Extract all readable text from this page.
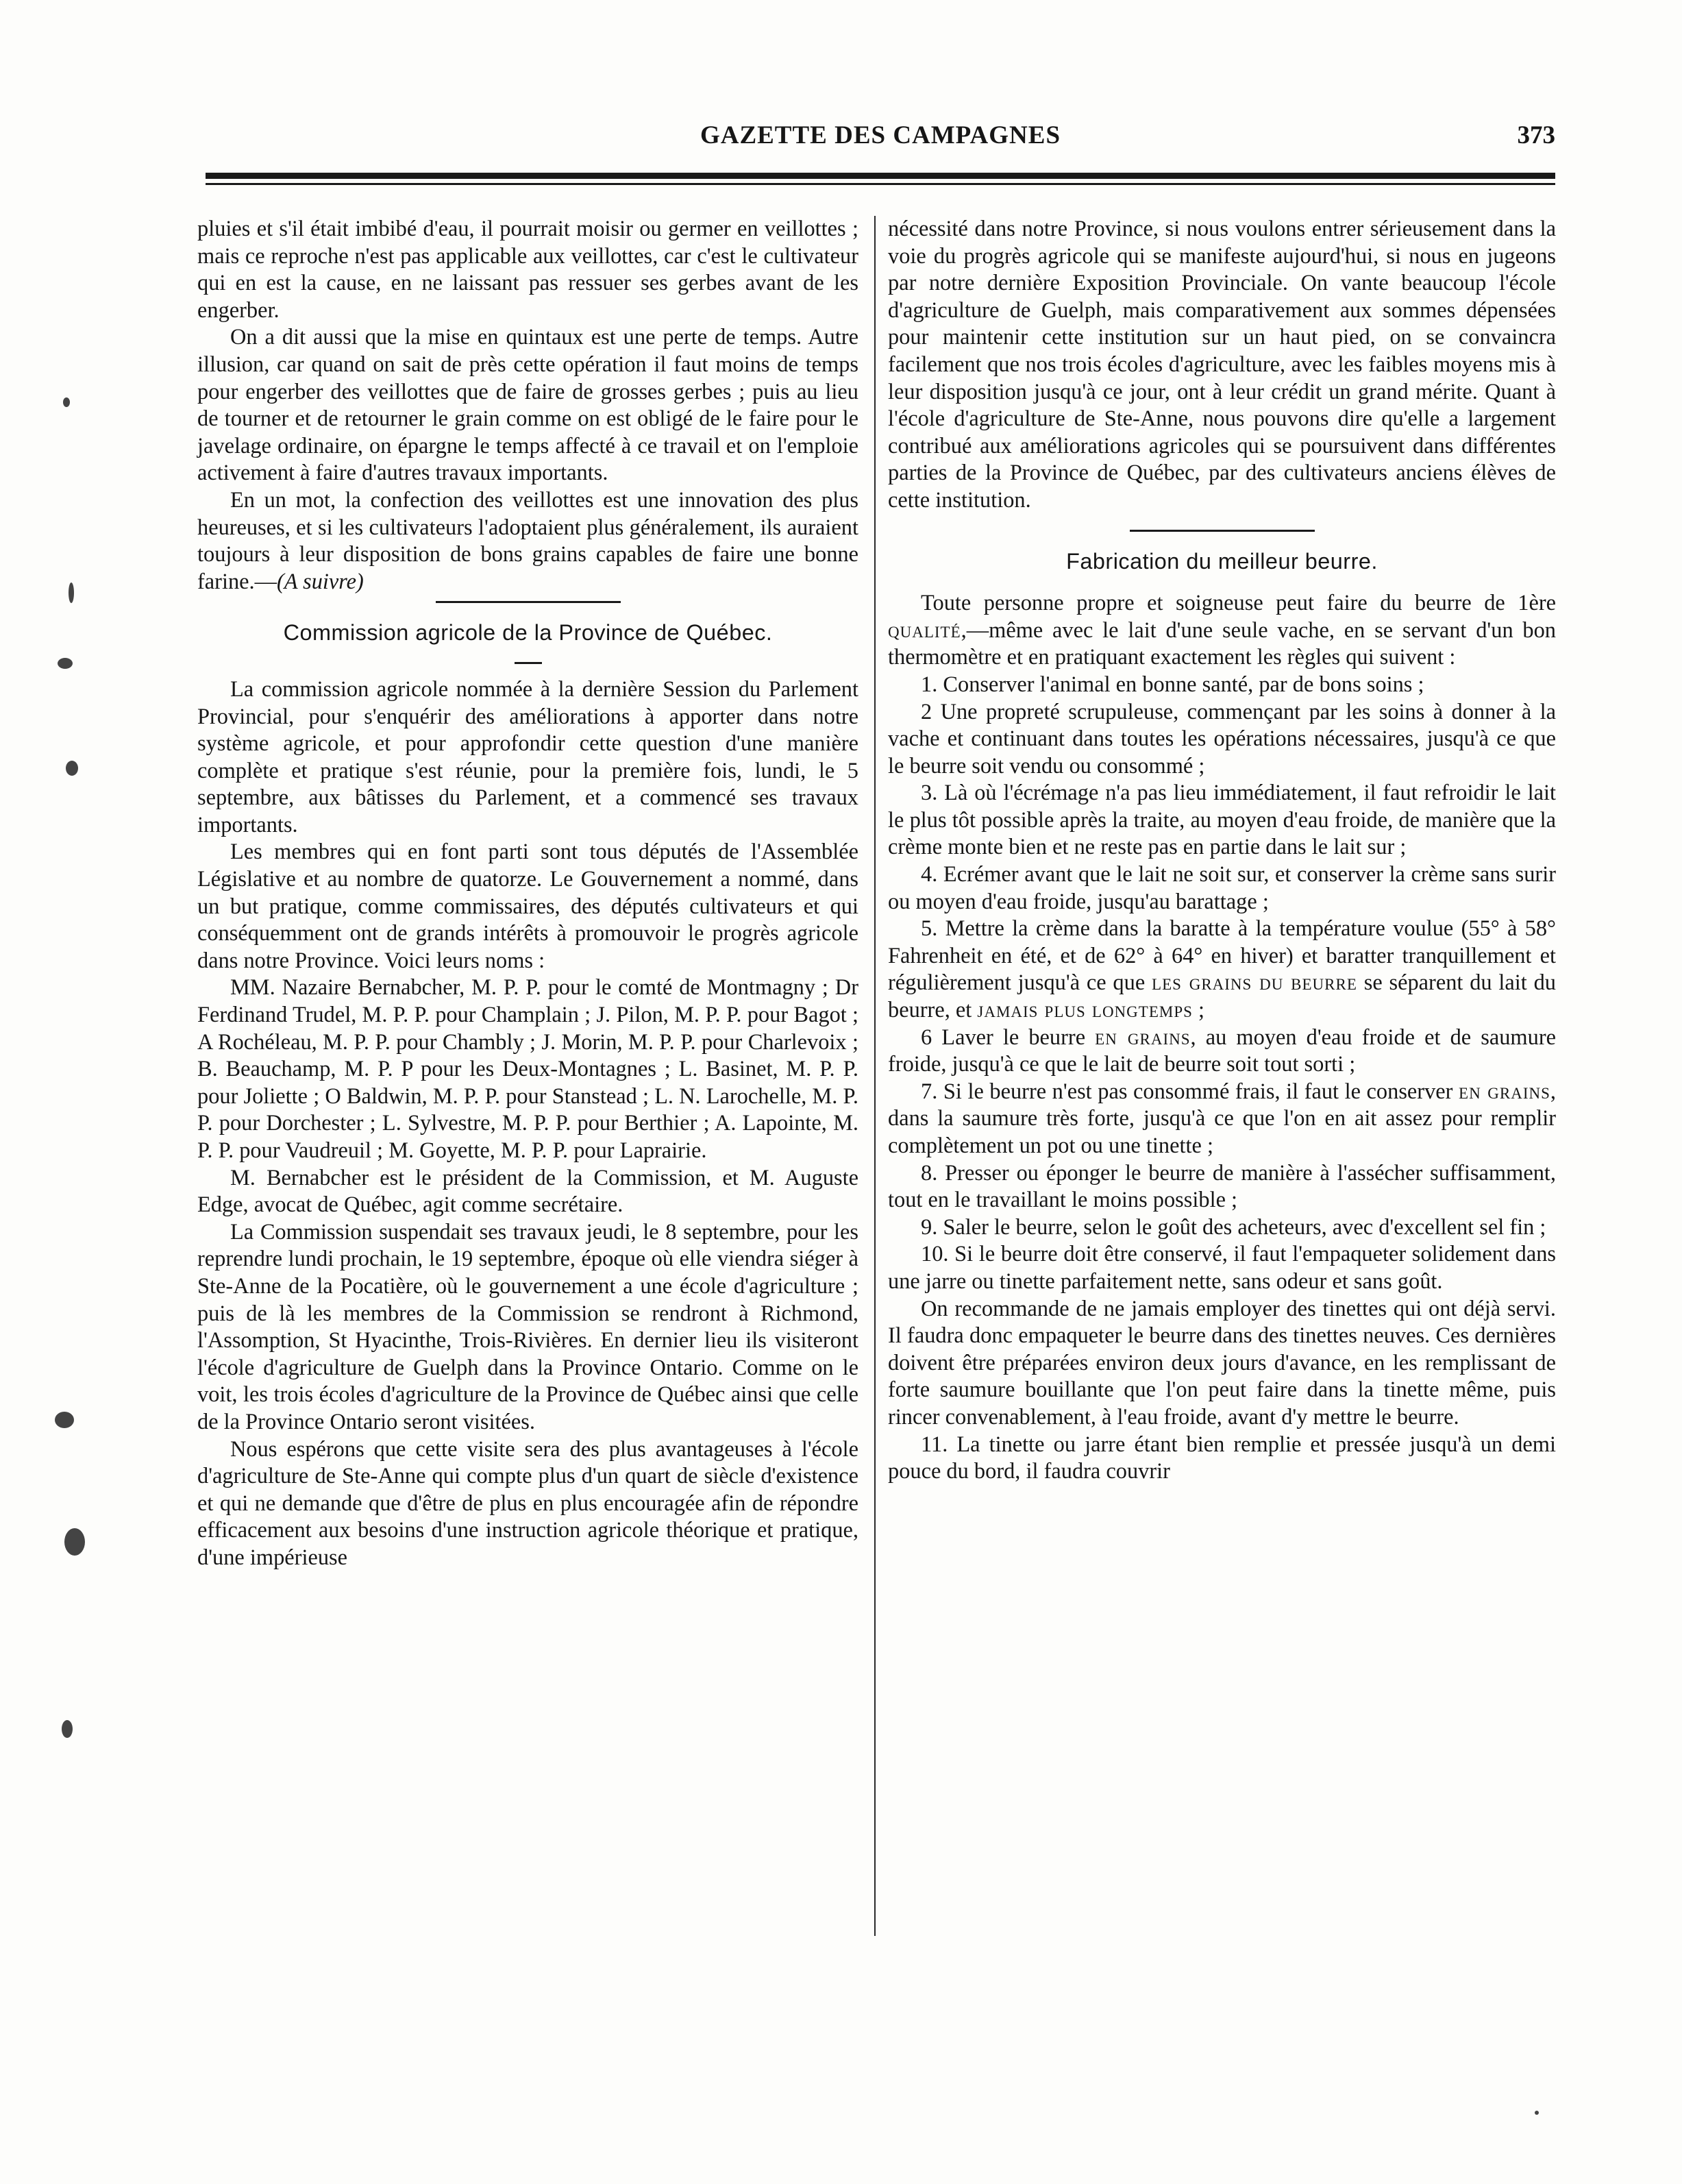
GAZETTE DES CAMPAGNES	373

pluies et s'il était imbibé d'eau, il pourrait moisir ou germer en veillottes ; mais ce reproche n'est pas applicable aux veillottes, car c'est le cultivateur qui en est la cause, en ne laissant pas ressuer ses gerbes avant de les engerber.

On a dit aussi que la mise en quintaux est une perte de temps. Autre illusion, car quand on sait de près cette opération il faut moins de temps pour engerber des veillottes que de faire de grosses gerbes ; puis au lieu de tourner et de retourner le grain comme on est obligé de le faire pour le javelage ordinaire, on épargne le temps affecté à ce travail et on l'emploie activement à faire d'autres travaux importants.

En un mot, la confection des veillottes est une innovation des plus heureuses, et si les cultivateurs l'adoptaient plus généralement, ils auraient toujours à leur disposition de bons grains capables de faire une bonne farine.—(A suivre)

Commission agricole de la Province de Québec.

La commission agricole nommée à la dernière Session du Parlement Provincial, pour s'enquérir des améliorations à apporter dans notre système agricole, et pour approfondir cette question d'une manière complète et pratique s'est réunie, pour la première fois, lundi, le 5 septembre, aux bâtisses du Parlement, et a commencé ses travaux importants.

Les membres qui en font parti sont tous députés de l'Assemblée Législative et au nombre de quatorze. Le Gouvernement a nommé, dans un but pratique, comme commissaires, des députés cultivateurs et qui conséquemment ont de grands intérêts à promouvoir le progrès agricole dans notre Province. Voici leurs noms :

MM. Nazaire Bernabcher, M. P. P. pour le comté de Montmagny ; Dr Ferdinand Trudel, M. P. P. pour Champlain ; J. Pilon, M. P. P. pour Bagot ; A Rochéleau, M. P. P. pour Chambly ; J. Morin, M. P. P. pour Charlevoix ; B. Beauchamp, M. P. P pour les Deux-Montagnes ; L. Basinet, M. P. P. pour Joliette ; O Baldwin, M. P. P. pour Stanstead ; L. N. Larochelle, M. P. P. pour Dorchester ; L. Sylvestre, M. P. P. pour Berthier ; A. Lapointe, M. P. P. pour Vaudreuil ; M. Goyette, M. P. P. pour Laprairie.

M. Bernabcher est le président de la Commission, et M. Auguste Edge, avocat de Québec, agit comme secrétaire.

La Commission suspendait ses travaux jeudi, le 8 septembre, pour les reprendre lundi prochain, le 19 septembre, époque où elle viendra siéger à Ste-Anne de la Pocatière, où le gouvernement a une école d'agriculture ; puis de là les membres de la Commission se rendront à Richmond, l'Assomption, St Hyacinthe, Trois-Rivières. En dernier lieu ils visiteront l'école d'agriculture de Guelph dans la Province Ontario. Comme on le voit, les trois écoles d'agriculture de la Province de Québec ainsi que celle de la Province Ontario seront visitées.

Nous espérons que cette visite sera des plus avantageuses à l'école d'agriculture de Ste-Anne qui compte plus d'un quart de siècle d'existence et qui ne demande que d'être de plus en plus encouragée afin de répondre efficacement aux besoins d'une instruction agricole théorique et pratique, d'une impérieuse

nécessité dans notre Province, si nous voulons entrer sérieusement dans la voie du progrès agricole qui se manifeste aujourd'hui, si nous en jugeons par notre dernière Exposition Provinciale. On vante beaucoup l'école d'agriculture de Guelph, mais comparativement aux sommes dépensées pour maintenir cette institution sur un haut pied, on se convaincra facilement que nos trois écoles d'agriculture, avec les faibles moyens mis à leur disposition jusqu'à ce jour, ont à leur crédit un grand mérite. Quant à l'école d'agriculture de Ste-Anne, nous pouvons dire qu'elle a largement contribué aux améliorations agricoles qui se poursuivent dans différentes parties de la Province de Québec, par des cultivateurs anciens élèves de cette institution.

Fabrication du meilleur beurre.

Toute personne propre et soigneuse peut faire du beurre de 1ère qualité,—même avec le lait d'une seule vache, en se servant d'un bon thermomètre et en pratiquant exactement les règles qui suivent :

1. Conserver l'animal en bonne santé, par de bons soins ;

2 Une propreté scrupuleuse, commençant par les soins à donner à la vache et continuant dans toutes les opérations nécessaires, jusqu'à ce que le beurre soit vendu ou consommé ;

3. Là où l'écrémage n'a pas lieu immédiatement, il faut refroidir le lait le plus tôt possible après la traite, au moyen d'eau froide, de manière que la crème monte bien et ne reste pas en partie dans le lait sur ;

4. Ecrémer avant que le lait ne soit sur, et conserver la crème sans surir ou moyen d'eau froide, jusqu'au barattage ;

5. Mettre la crème dans la baratte à la température voulue (55° à 58° Fahrenheit en été, et de 62° à 64° en hiver) et baratter tranquillement et régulièrement jusqu'à ce que les grains du beurre se séparent du lait du beurre, et jamais plus longtemps ;

6 Laver le beurre en grains, au moyen d'eau froide et de saumure froide, jusqu'à ce que le lait de beurre soit tout sorti ;

7. Si le beurre n'est pas consommé frais, il faut le conserver en grains, dans la saumure très forte, jusqu'à ce que l'on en ait assez pour remplir complètement un pot ou une tinette ;

8. Presser ou éponger le beurre de manière à l'assécher suffisamment, tout en le travaillant le moins possible ;

9. Saler le beurre, selon le goût des acheteurs, avec d'excellent sel fin ;

10. Si le beurre doit être conservé, il faut l'empaqueter solidement dans une jarre ou tinette parfaitement nette, sans odeur et sans goût.

On recommande de ne jamais employer des tinettes qui ont déjà servi. Il faudra donc empaqueter le beurre dans des tinettes neuves. Ces dernières doivent être préparées environ deux jours d'avance, en les remplissant de forte saumure bouillante que l'on peut faire dans la tinette même, puis rincer convenablement, à l'eau froide, avant d'y mettre le beurre.

11. La tinette ou jarre étant bien remplie et pressée jusqu'à un demi pouce du bord, il faudra couvrir
